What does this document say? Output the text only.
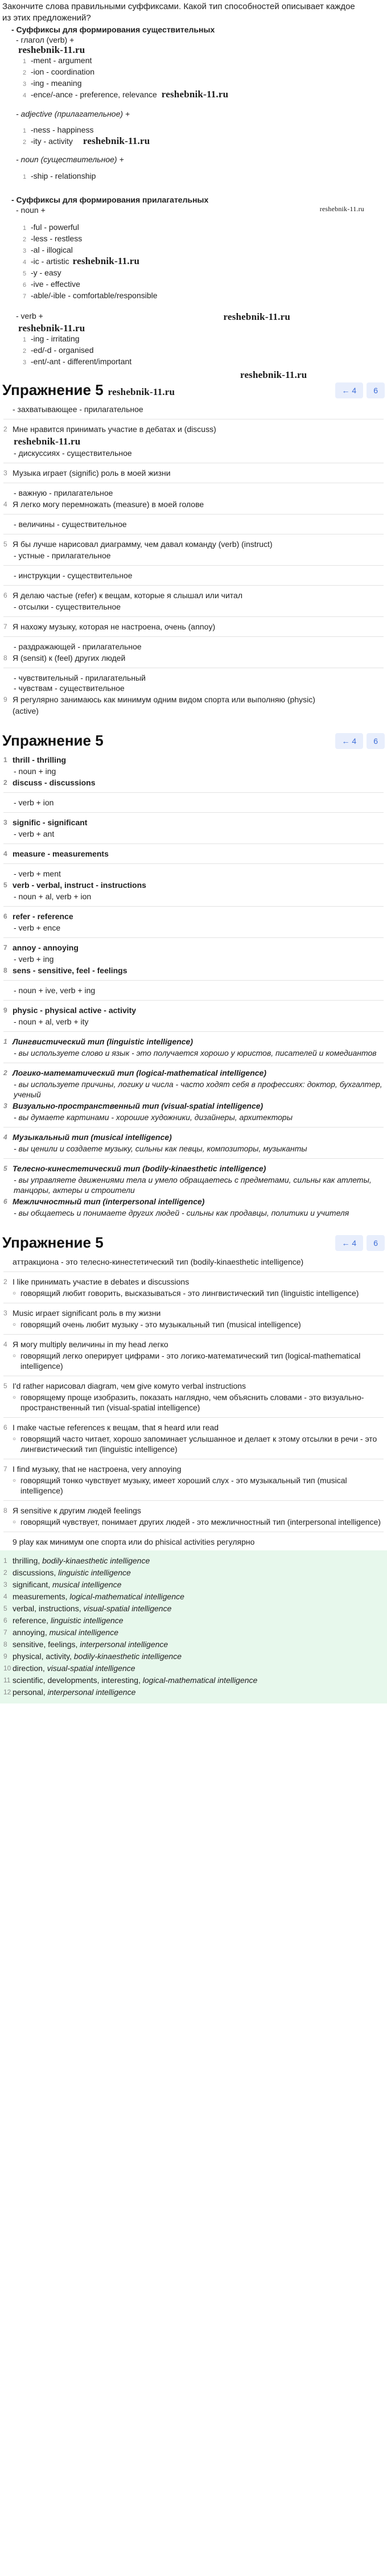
Закончите слова правильными суффиксами. Какой тип способностей описывает каждое
из этих предложений?
- Суффиксы для формирования существительных
- глагол (verb) +
reshebnik-11.ru
1 -ment - argument
2 -ion - coordination
3 -ing - meaning
4 -ence/-ance - preference, relevance reshebnik-11.ru
- adjective (прилагательное) +
1 -ness - happiness
2 -ity - activity reshebnik-11.ru
- noun (существительное) +
1 -ship - relationship
- Суффиксы для формирования прилагательных
- noun +	reshebnik-11.ru
1 -ful - powerful
2 -less - restless
3 -al - illogical
4 -ic - artistic reshebnik-11.ru
5 -y - easy
6 -ive - effective
7 -able/-ible - comfortable/responsible
- verb +	reshebnik-11.ru
reshebnik-11.ru
1 -ing - irritating
2 -ed/-d - organised
3 -ent/-ant - different/important
reshebnik-11.ru
Упражнение 5 reshebnik-11.ru	← 4	6
- захватывающее - прилагательное
2 Мне нравится принимать участие в дебатах и (discuss)
reshebnik-11.ru
- дискуссиях - существительное
3 Музыка играет (signific) роль в моей жизни
- важную - прилагательное
4 Я легко могу перемножать (measure) в моей голове
- величины - существительное
5 Я бы лучше нарисовал диаграмму, чем давал команду (verb) (instruct)
- устные - прилагательное
- инструкции - существительное
6 Я делаю частые (refer) к вещам, которые я слышал или читал
- отсылки - существительное
7 Я нахожу музыку, которая не настроена, очень (annoy)
- раздражающей - прилагательное
8 Я (sensit) к (feel) других людей
- чувствительный - прилагательный
- чувствам - существительное
9 Я регулярно занимаюсь как минимум одним видом спорта или выполняю (physic)
(active)
Упражнение 5	← 4	6
1 thrill - thrilling
- noun + ing
2 discuss - discussions
- verb + ion
3 signific - significant
- verb + ant
4 measure - measurements
- verb + ment
5 verb - verbal, instruct - instructions
- noun + al, verb + ion
6 refer - reference
- verb + ence
7 annoy - annoying
- verb + ing
8 sens - sensitive, feel - feelings
- noun + ive, verb + ing
9 physic - physical active - activity
- noun + al, verb + ity
1 Лингвистический тип (linguistic intelligence)
- вы используете слово и язык - это получается хорошо у юристов, писателей и комедиантов
2 Логико-математический тип (logical-mathematical intelligence)
- вы используете причины, логику и числа - часто ходят себя в профессиях: доктор, бухгалтер, ученый
3 Визуально-пространственный тип (visual-spatial intelligence)
- вы думаете картинами - хорошие художники, дизайнеры, архитекторы
4 Музыкальный тип (musical intelligence)
- вы ценили и создаете музыку, сильны как певцы, композиторы, музыканты
5 Телесно-кинестетический тип (bodily-kinaesthetic intelligence)
- вы управляете движениями тела и умело обращаетесь с предметами, сильны как атлеты, танцоры, актеры и строители
6 Межличностный тип (interpersonal intelligence)
- вы общаетесь и понимаете других людей - сильны как продавцы, политики и учителя
Упражнение 5	← 4	6
аттракциона - это телесно-кинестетический тип (bodily-kinaesthetic intelligence)
2 I like принимать участие в debates и discussions
○ говорящий любит говорить, высказываться - это лингвистический тип (linguistic intelligence)
3 Music играет significant роль в my жизни
○ говорящий очень любит музыку - это музыкальный тип (musical intelligence)
4 Я могу multiply величины in my head легко
○ говорящий легко оперирует цифрами - это логико-математический тип (logical-mathematical intelligence)
5 I'd rather нарисовал diagram, чем give комуто verbal instructions
○ говорящему проще изобразить, показать наглядно, чем объяснить словами - это визуально-пространственный тип (visual-spatial intelligence)
6 I make частые references к вещам, that я heard или read
○ говорящий часто читает, хорошо запоминает услышанное и делает к этому отсылки в речи - это лингвистический тип (linguistic intelligence)
7 I find музыку, that не настроена, very annoying
○ говорящий тонко чувствует музыку, имеет хороший слух - это музыкальный тип (musical intelligence)
8 Я sensitive к другим людей feelings
○ говорящий чувствует, понимает других людей - это межличностный тип (interpersonal intelligence)
9 play как минимум one спорта или do phisical activities регулярно
1 thrilling, bodily-kinaesthetic intelligence
2 discussions, linguistic intelligence
3 significant, musical intelligence
4 measurements, logical-mathematical intelligence
5 verbal, instructions, visual-spatial intelligence
6 reference, linguistic intelligence
7 annoying, musical intelligence
8 sensitive, feelings, interpersonal intelligence
9 physical, activity, bodily-kinaesthetic intelligence
10 direction, visual-spatial intelligence
11 scientific, developments, interesting, logical-mathematical intelligence
12 personal, interpersonal intelligence
